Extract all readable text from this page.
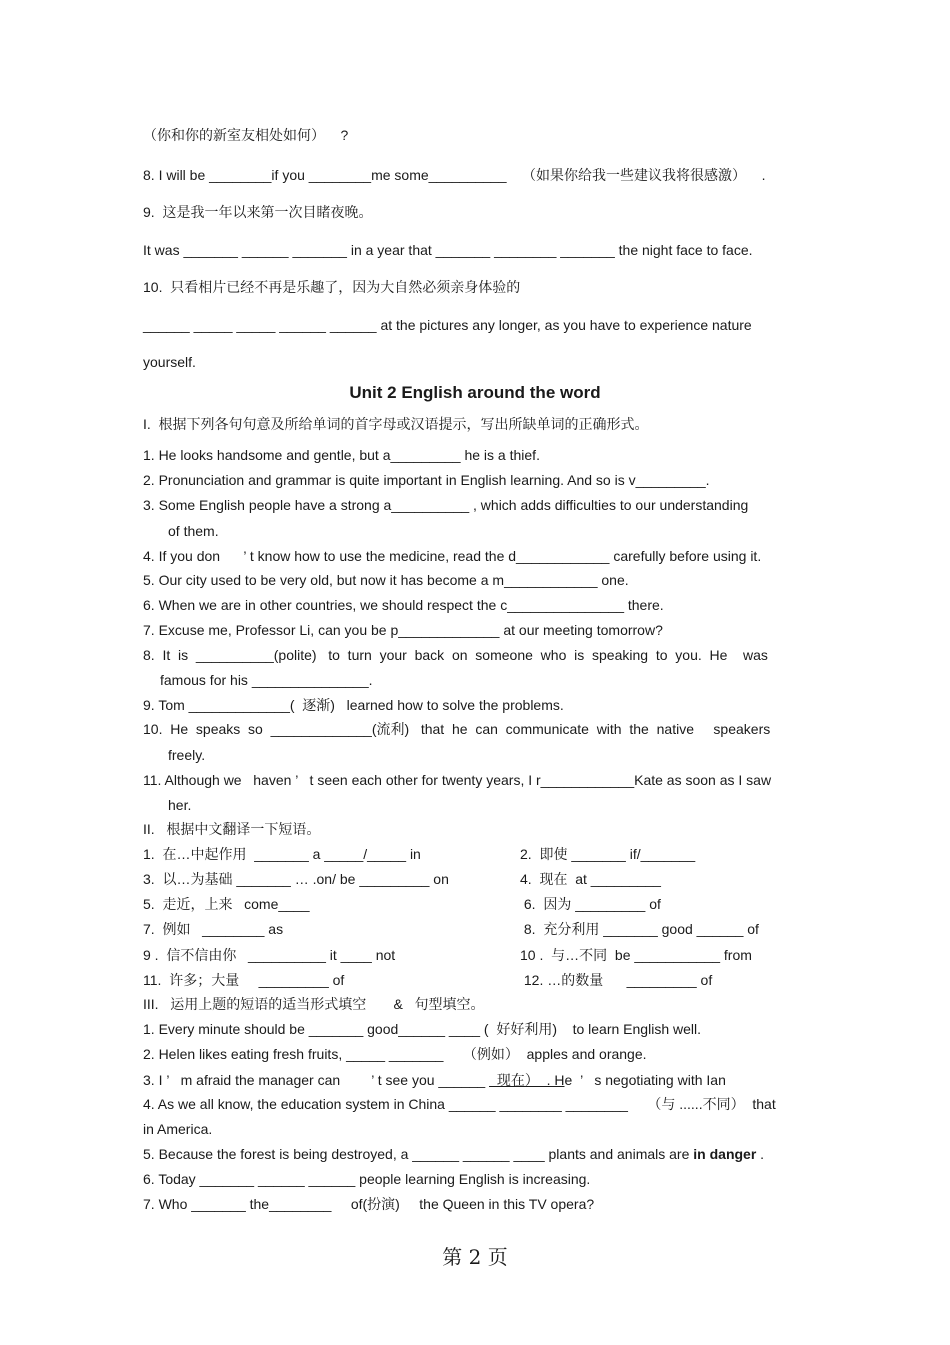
（你和你的新室友相处如何）    ?
8. I will be ________if you ________me some__________    （如果你给我一些建议我将很感激）    .
9.  这是我一年以来第一次目睹夜晚。
It was _______ ______ _______ in a year that _______ ________ _______ the night face to face.
10.  只看相片已经不再是乐趣了，因为大自然必须亲身体验的
______ _____ _____ ______ ______ at the pictures any longer, as you have to experience nature
yourself.
Unit 2 English around the word
I.  根据下列各句句意及所给单词的首字母或汉语提示，写出所缺单词的正确形式。
1. He looks handsome and gentle, but a_________ he is a thief.
2. Pronunciation and grammar is quite important in English learning. And so is v_________.
3. Some English people have a strong a__________ , which adds difficulties to our understanding
of them.
4. If you don      ’ t know how to use the medicine, read the d____________ carefully before using it.
5. Our city used to be very old, but now it has become a m____________ one.
6. When we are in other countries, we should respect the c_______________ there.
7. Excuse me, Professor Li, can you be p_____________ at our meeting tomorrow?
8.  It  is  __________(polite)   to  turn  your  back  on  someone  who  is  speaking  to  you.  He    was
famous for his _______________.
9. Tom _____________(  逐渐)   learned how to solve the problems.
10.  He  speaks  so  _____________(流利)   that  he  can  communicate  with  the  native     speakers
freely.
11. Although we   haven ’   t seen each other for twenty years, I r____________Kate as soon as I saw
her.
II.   根据中文翻译一下短语。
1.  在…中起作用  _______ a _____/_____ in	2.  即使 _______ if/_______
3.  以…为基础 _______ … .on/ be _________ on	4.  现在  at _________
5.  走近，上来   come____	6.  因为 _________ of
7.  例如   ________ as	8.  充分利用 _______ good ______ of
9 .  信不信由你   __________ it ____ not	10 .  与…不同  be ___________ from
11.  许多；大量     _________ of	12. …的数量      _________ of
III.   运用上题的短语的适当形式填空       &   句型填空。
1. Every minute should be _______ good______ ____ (  好好利用)    to learn English well.
2. Helen likes eating fresh fruits, _____ _______     （例如）  apples and orange.
3. I ’   m afraid the manager can        ’ t see you ______   现在）  . He  ’   s negotiating with Ian
4. As we all know, the education system in China ______ ________ ________     （与 ......不同）  that
in America.
5. Because the forest is being destroyed, a ______ ______ ____ plants and animals are in danger .
6. Today _______ ______ ______ people learning English is increasing.
7. Who _______ the________     of(扮演)     the Queen in this TV opera?
第 2 页
